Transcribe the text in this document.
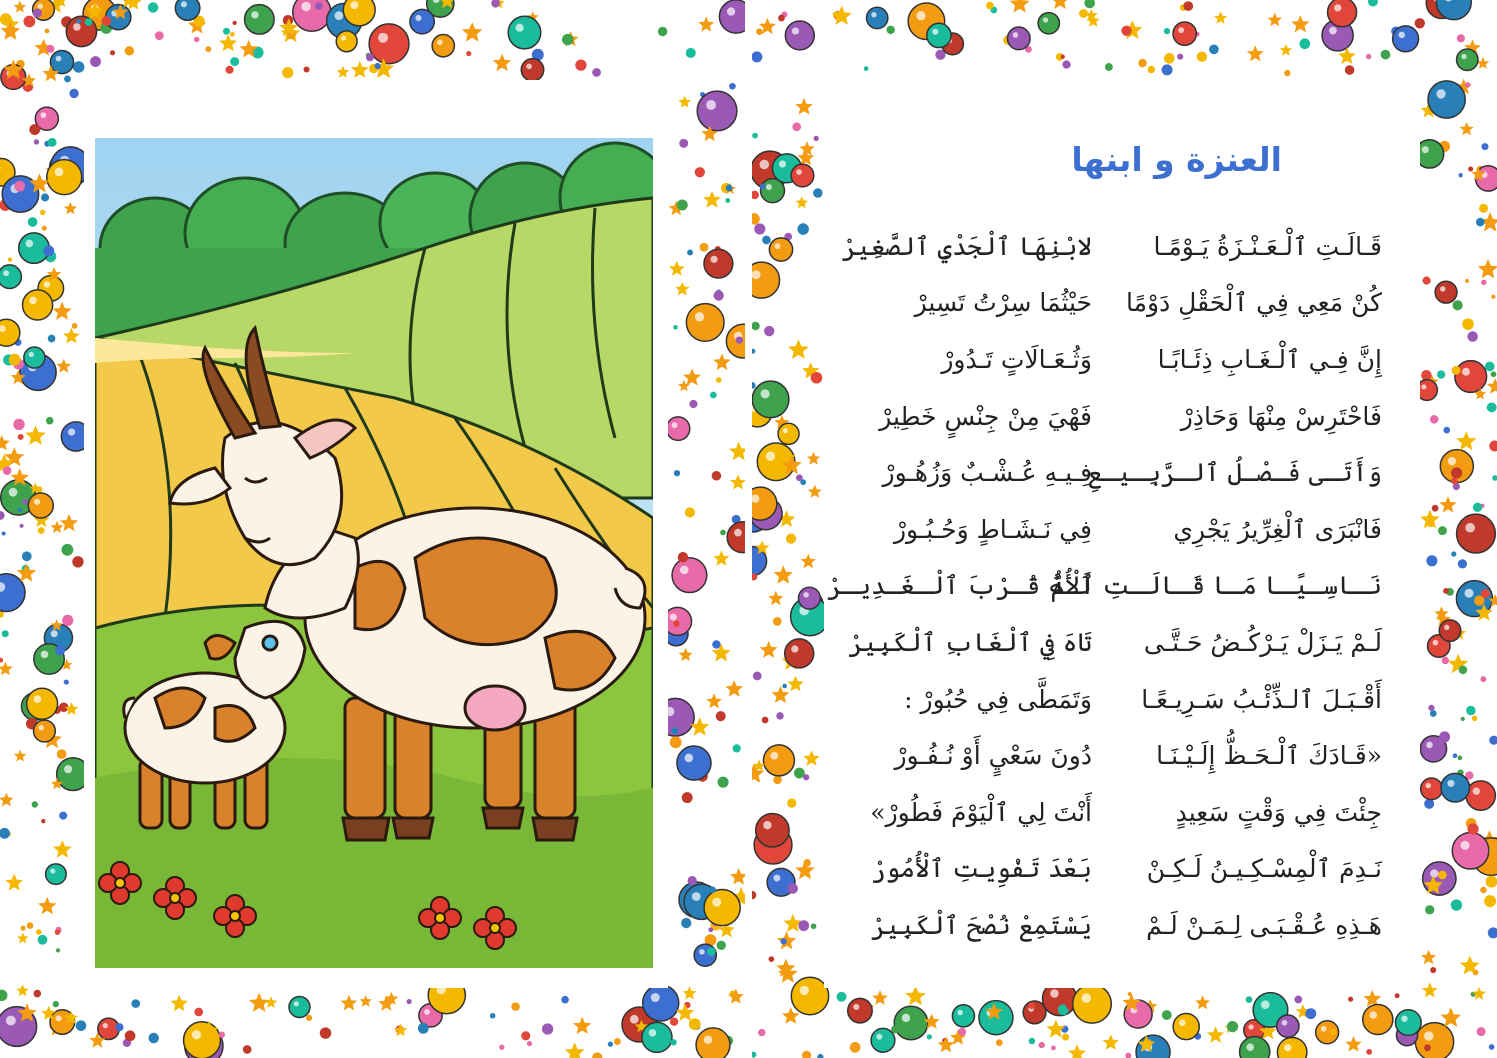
العنزة و ابنها
قَـالَـتِ ٱلْـعَـنْـزَةُ يَـوْمًـا
لابْنِهَا ٱلْجَدْيِ ٱلصَّغِيرْ
كُنْ مَعِي فِي ٱلْحَقْلِ دَوْمًا
حَيْثُمَا سِرْتُ تَسِيرْ
إِنَّ فِـي ٱلْـغَـابِ ذِئَـابًـا
وَثُـعَـالَاتٍ تَـدُورْ
فَاحْتَرِسْ مِنْهَا وَحَاذِرْ
فَهْيَ مِنْ جِنْسٍ خَطِيرْ
وَأَتَـى فَـصْـلُ ٱلـرَّبِـيـعِ
فِـيـهِ عُـشْـبٌ وَزُهُـورْ
فَانْبَرَى ٱلْغِرِّيرُ يَجْرِي
فِي نَـشَـاطٍ وَحُـبُـورْ
نَـاسِـيًـا مَـا قَـالَـتِ ٱلْأُمُّ
لَـهُ قُـرْبَ ٱلْـغَـدِيـرْ
لَـمْ يَـزَلْ يَـرْكُـضُ حَـتَّـى
تَاهَ فِي ٱلْغَابِ ٱلْكَبِيرْ
أَقْـبَـلَ ٱلـذِّئْـبُ سَـرِيـعًـا
وَتَمَطَّى فِي حُبُورْ :
«قَـادَكَ ٱلْـحَـظُّ إِلَـيْـنَـا
دُونَ سَعْيٍ أَوْ نُـفُـورْ
جِئْتَ فِي وَقْتٍ سَعِيدٍ
أَنْتَ لِي ٱلْيَوْمَ فَطُورْ»
نَـدِمَ ٱلْمِسْـكِـيـنُ لَـكِـنْ
بَعْدَ تَفْوِيتِ ٱلْأُمُورْ
هَـذِهِ عُـقْـبَـى لِـمَـنْ لَـمْ
يَسْتَمِعْ نُصْحَ ٱلْكَبِيرْ
